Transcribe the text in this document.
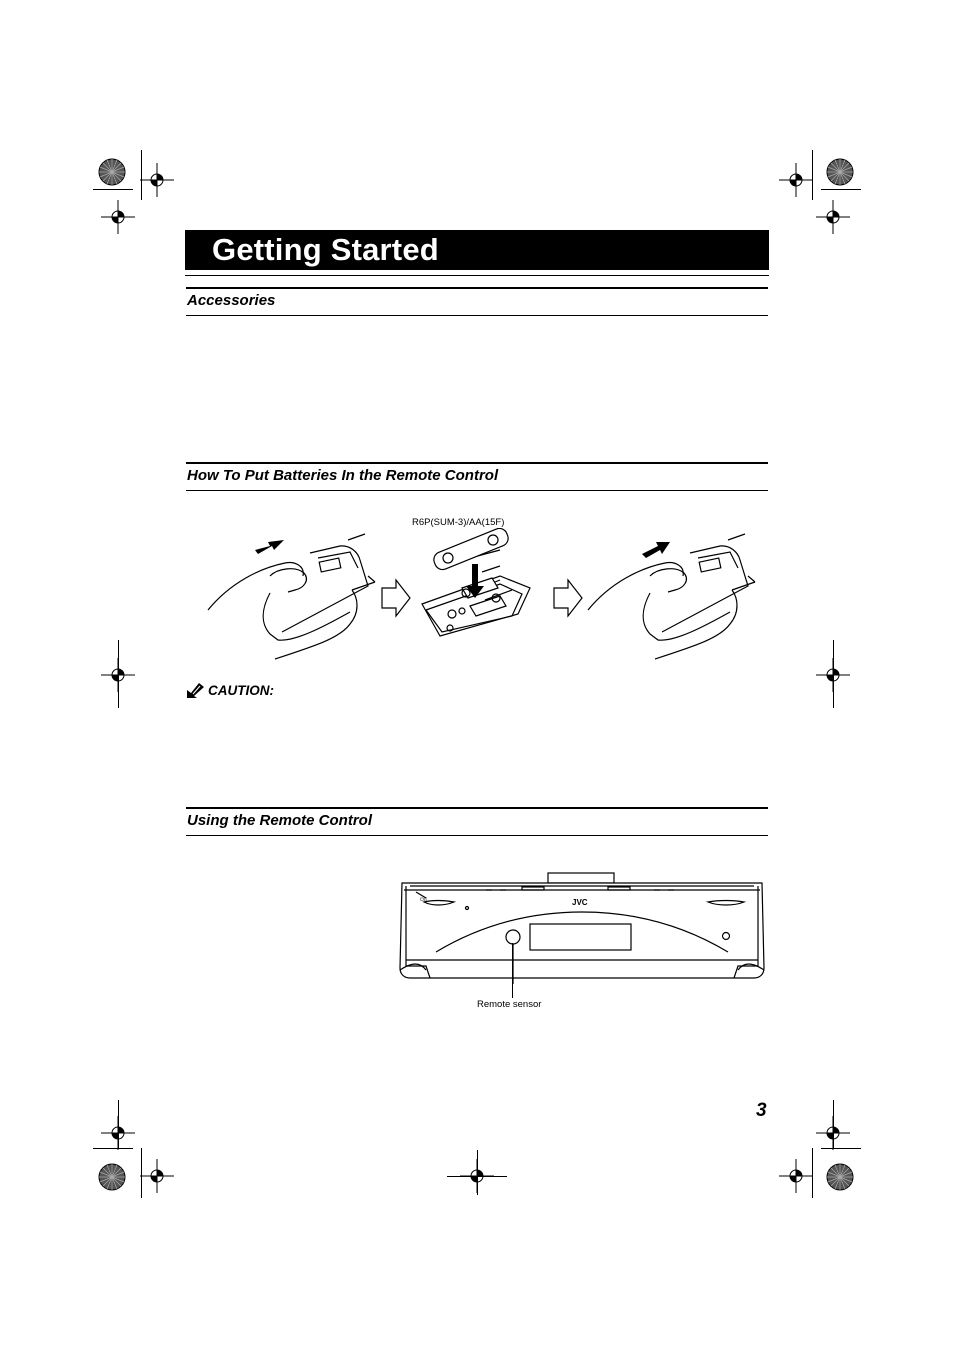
Getting Started
Accessories
How To Put Batteries In the Remote Control
R6P(SUM-3)/AA(15F)
CAUTION:
Using the Remote Control
JVC
⏻/I
Remote sensor
3
